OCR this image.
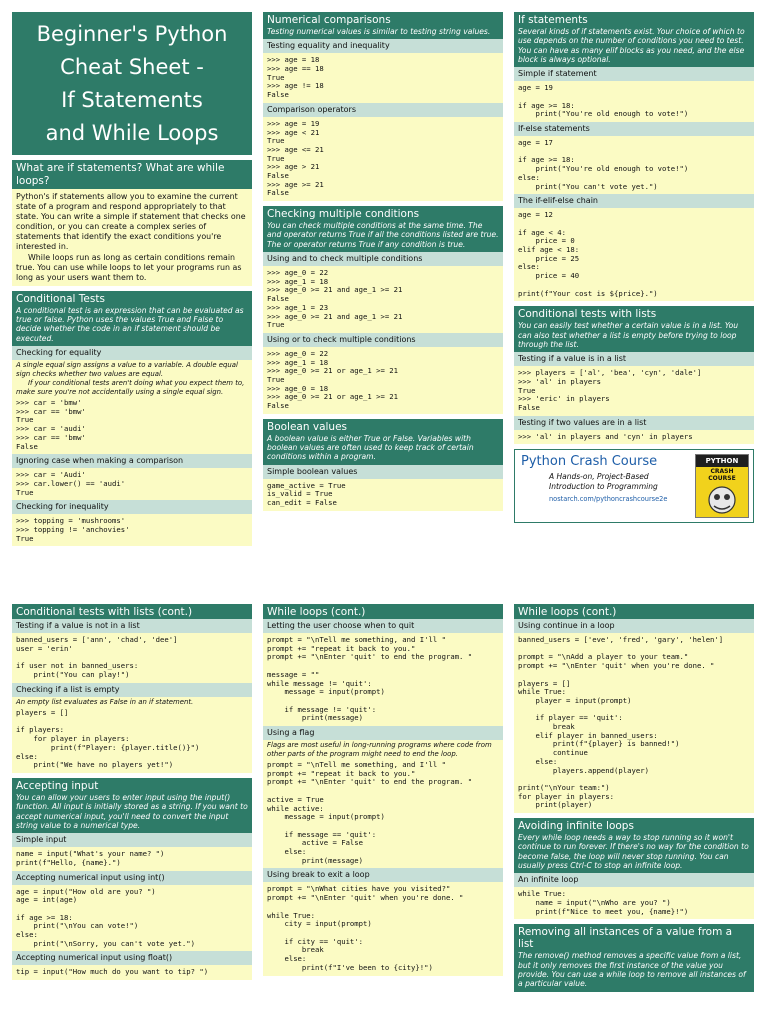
Beginner's Python
Cheat Sheet -
If Statements
and While Loops
What are if statements? What are while loops?
Python's if statements allow you to examine the current state of a program and respond appropriately to that state. You can write a simple if statement that checks one condition, or you can create a complex series of statements that identify the exact conditions you're interested in.
While loops run as long as certain conditions remain true. You can use while loops to let your programs run as long as your users want them to.
Conditional Tests
A conditional test is an expression that can be evaluated as true or false. Python uses the values True and False to decide whether the code in an if statement should be executed.
Checking for equality
A single equal sign assigns a value to a variable. A double equal sign checks whether two values are equal.
If your conditional tests aren't doing what you expect them to, make sure you're not accidentally using a single equal sign.
>>> car = 'bmw'
>>> car == 'bmw'
True
>>> car = 'audi'
>>> car == 'bmw'
False
Ignoring case when making a comparison
>>> car = 'Audi'
>>> car.lower() == 'audi'
True
Checking for inequality
>>> topping = 'mushrooms'
>>> topping != 'anchovies'
True
Numerical comparisons
Testing numerical values is similar to testing string values.
Testing equality and inequality
>>> age = 18
>>> age == 18
True
>>> age != 18
False
Comparison operators
>>> age = 19
>>> age < 21
True
>>> age <= 21
True
>>> age > 21
False
>>> age >= 21
False
Checking multiple conditions
You can check multiple conditions at the same time. The and operator returns True if all the conditions listed are true. The or operator returns True if any condition is true.
Using and to check multiple conditions
>>> age_0 = 22
>>> age_1 = 18
>>> age_0 >= 21 and age_1 >= 21
False
>>> age_1 = 23
>>> age_0 >= 21 and age_1 >= 21
True
Using or to check multiple conditions
>>> age_0 = 22
>>> age_1 = 18
>>> age_0 >= 21 or age_1 >= 21
True
>>> age_0 = 18
>>> age_0 >= 21 or age_1 >= 21
False
Boolean values
A boolean value is either True or False. Variables with boolean values are often used to keep track of certain conditions within a program.
Simple boolean values
game_active = True
is_valid = True
can_edit = False
If statements
Several kinds of if statements exist. Your choice of which to use depends on the number of conditions you need to test. You can have as many elif blocks as you need, and the else block is always optional.
Simple if statement
age = 19

if age >= 18:
print("You're old enough to vote!")
If-else statements
age = 17

if age >= 18:
print("You're old enough to vote!")
else:
print("You can't vote yet.")
The if-elif-else chain
age = 12

if age < 4:
price = 0
elif age < 18:
price = 25
else:
price = 40

print(f"Your cost is ${price}.")
Conditional tests with lists
You can easily test whether a certain value is in a list. You can also test whether a list is empty before trying to loop through the list.
Testing if a value is in a list
>>> players = ['al', 'bea', 'cyn', 'dale']
>>> 'al' in players
True
>>> 'eric' in players
False
Testing if two values are in a list
>>> 'al' in players and 'cyn' in players
Python Crash Course
A Hands-on, Project-Based
Introduction to Programming
nostarch.com/pythoncrashcourse2e
PYTHON
CRASH COURSE
Conditional tests with lists (cont.)
Testing if a value is not in a list
banned_users = ['ann', 'chad', 'dee']
user = 'erin'

if user not in banned_users:
print("You can play!")
Checking if a list is empty
An empty list evaluates as False in an if statement.
players = []

if players:
for player in players:
print(f"Player: {player.title()}")
else:
print("We have no players yet!")
Accepting input
You can allow your users to enter input using the input() function. All input is initially stored as a string. If you want to accept numerical input, you'll need to convert the input string value to a numerical type.
Simple input
name = input("What's your name? ")
print(f"Hello, {name}.")
Accepting numerical input using int()
age = input("How old are you? ")
age = int(age)

if age >= 18:
print("\nYou can vote!")
else:
print("\nSorry, you can't vote yet.")
Accepting numerical input using float()
tip = input("How much do you want to tip? ")
While loops (cont.)
Letting the user choose when to quit
prompt = "\nTell me something, and I'll "
prompt += "repeat it back to you."
prompt += "\nEnter 'quit' to end the program. "

message = ""
while message != 'quit':
message = input(prompt)

if message != 'quit':
print(message)
Using a flag
Flags are most useful in long-running programs where code from other parts of the program might need to end the loop.
prompt = "\nTell me something, and I'll "
prompt += "repeat it back to you."
prompt += "\nEnter 'quit' to end the program. "

active = True
while active:
message = input(prompt)

if message == 'quit':
active = False
else:
print(message)
Using break to exit a loop
prompt = "\nWhat cities have you visited?"
prompt += "\nEnter 'quit' when you're done. "

while True:
city = input(prompt)

if city == 'quit':
break
else:
print(f"I've been to {city}!")
While loops (cont.)
Using continue in a loop
banned_users = ['eve', 'fred', 'gary', 'helen']

prompt = "\nAdd a player to your team."
prompt += "\nEnter 'quit' when you're done. "

players = []
while True:
player = input(prompt)

if player == 'quit':
break
elif player in banned_users:
print(f"{player} is banned!")
continue
else:
players.append(player)

print("\nYour team:")
for player in players:
print(player)
Avoiding infinite loops
Every while loop needs a way to stop running so it won't continue to run forever. If there's no way for the condition to become false, the loop will never stop running. You can usually press Ctrl-C to stop an infinite loop.
An infinite loop
while True:
name = input("\nWho are you? ")
print(f"Nice to meet you, {name}!")
Removing all instances of a value from a list
The remove() method removes a specific value from a list, but it only removes the first instance of the value you provide. You can use a while loop to remove all instances of a particular value.
